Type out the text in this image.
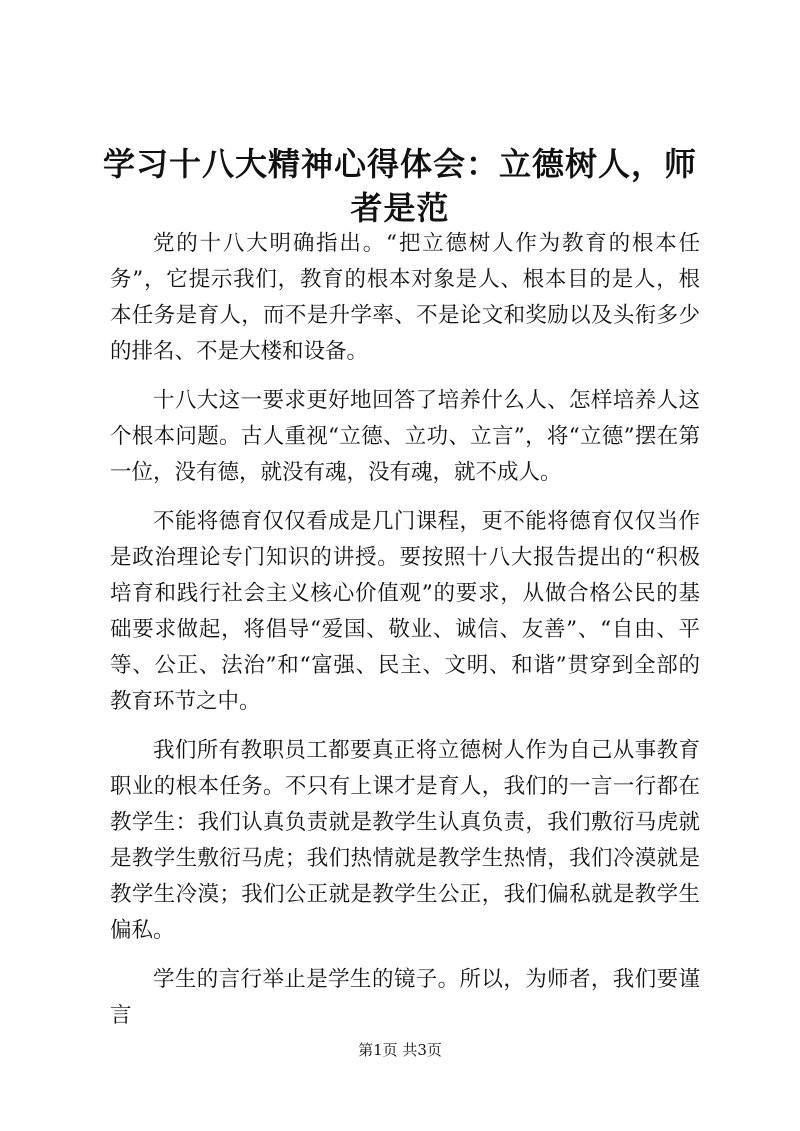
学习十八大精神心得体会：立德树人，师者是范

党的十八大明确指出。“把立德树人作为教育的根本任务”，它提示我们，教育的根本对象是人、根本目的是人，根本任务是育人，而不是升学率、不是论文和奖励以及头衔多少的排名、不是大楼和设备。

十八大这一要求更好地回答了培养什么人、怎样培养人这个根本问题。古人重视“立德、立功、立言”，将“立德”摆在第一位，没有德，就没有魂，没有魂，就不成人。

不能将德育仅仅看成是几门课程，更不能将德育仅仅当作是政治理论专门知识的讲授。要按照十八大报告提出的“积极培育和践行社会主义核心价值观”的要求，从做合格公民的基础要求做起，将倡导“爱国、敬业、诚信、友善”、“自由、平等、公正、法治”和“富强、民主、文明、和谐”贯穿到全部的教育环节之中。

我们所有教职员工都要真正将立德树人作为自己从事教育职业的根本任务。不只有上课才是育人，我们的一言一行都在教学生：我们认真负责就是教学生认真负责，我们敷衍马虎就是教学生敷衍马虎；我们热情就是教学生热情，我们冷漠就是教学生冷漠；我们公正就是教学生公正，我们偏私就是教学生偏私。

学生的言行举止是学生的镜子。所以，为师者，我们要谨言

第1页 共3页
